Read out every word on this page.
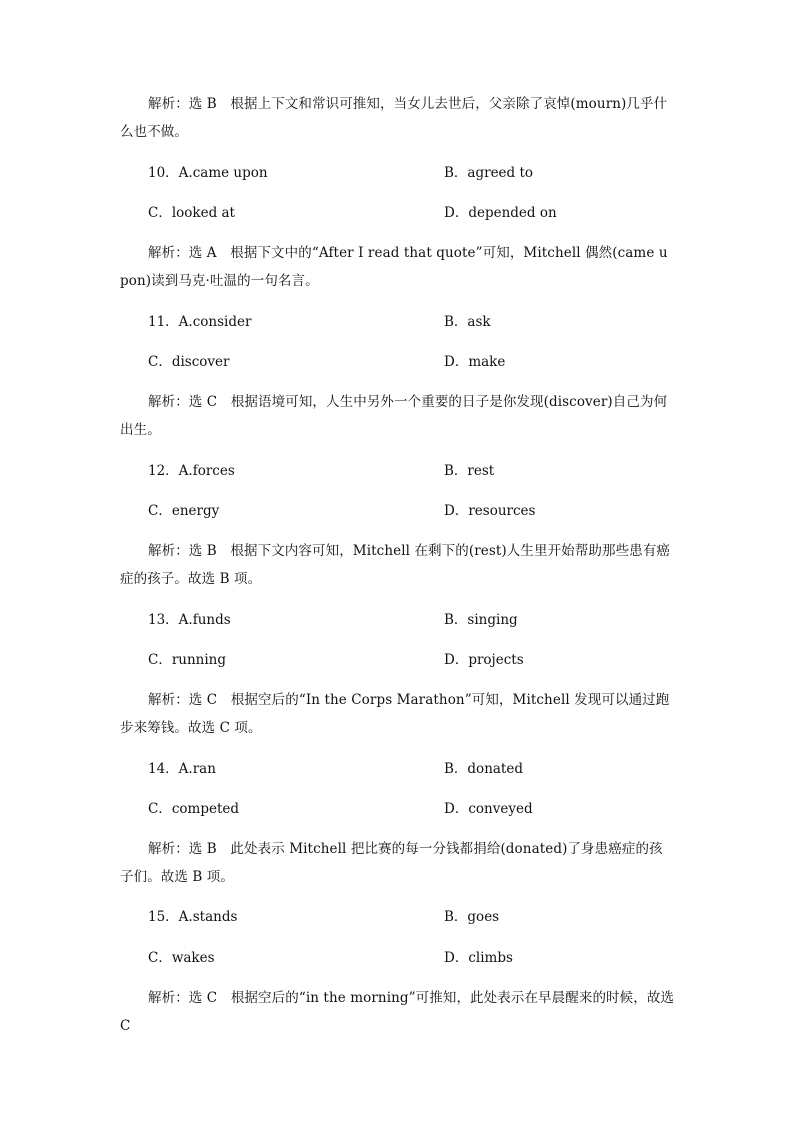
解析：选 B　根据上下文和常识可推知，当女儿去世后，父亲除了哀悼(mourn)几乎什么也不做。
10．A.came upon	B．agreed to
C．looked at	D．depended on
解析：选 A　根据下文中的“After I read that quote”可知，Mitchell 偶然(came upon)读到马克·吐温的一句名言。
11．A.consider	B．ask
C．discover	D．make
解析：选 C　根据语境可知，人生中另外一个重要的日子是你发现(discover)自己为何出生。
12．A.forces	B．rest
C．energy	D．resources
解析：选 B　根据下文内容可知，Mitchell 在剩下的(rest)人生里开始帮助那些患有癌症的孩子。故选 B 项。
13．A.funds	B．singing
C．running	D．projects
解析：选 C　根据空后的“In the Corps Marathon”可知，Mitchell 发现可以通过跑步来筹钱。故选 C 项。
14．A.ran	B．donated
C．competed	D．conveyed
解析：选 B　此处表示 Mitchell 把比赛的每一分钱都捐给(donated)了身患癌症的孩子们。故选 B 项。
15．A.stands	B．goes
C．wakes	D．climbs
解析：选 C　根据空后的“in the morning”可推知，此处表示在早晨醒来的时候，故选 C
